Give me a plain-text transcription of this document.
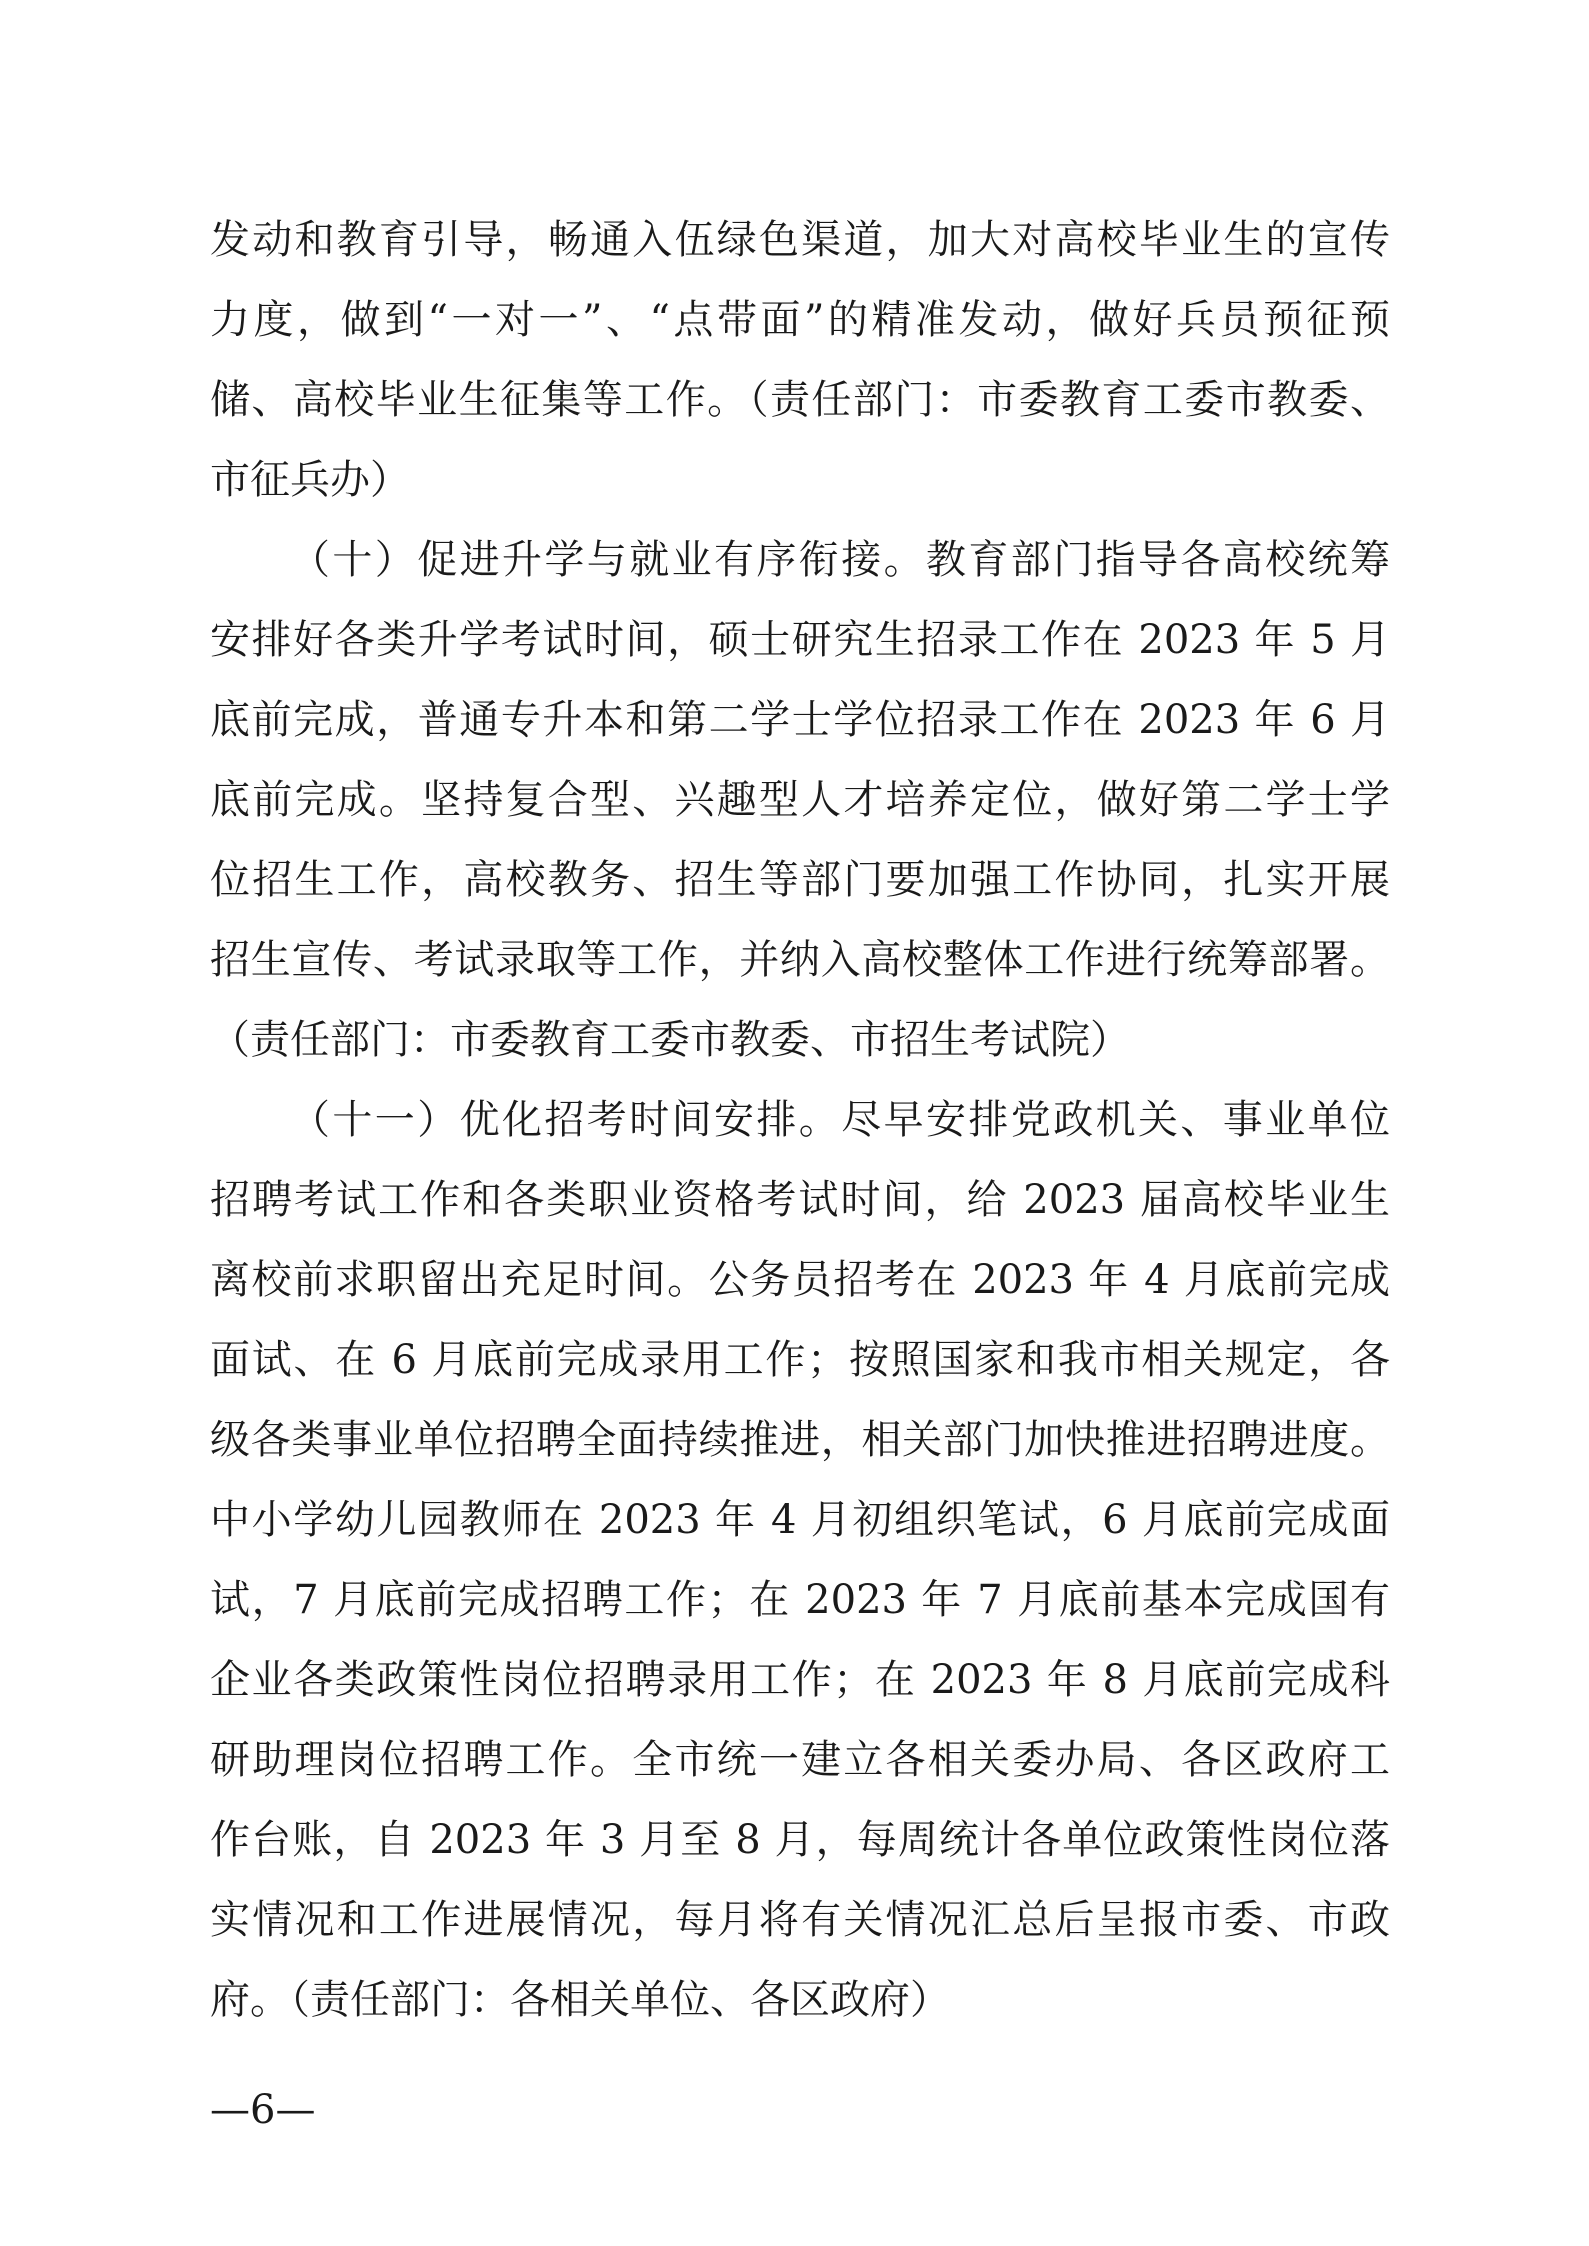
发动和教育引导，畅通入伍绿色渠道，加大对高校毕业生的宣传
力度，做到“一对一”、“点带面”的精准发动，做好兵员预征预
储、高校毕业生征集等工作。（责任部门：市委教育工委市教委、
市征兵办）
（十）促进升学与就业有序衔接。教育部门指导各高校统筹
安排好各类升学考试时间，硕士研究生招录工作在 2023 年 5 月
底前完成，普通专升本和第二学士学位招录工作在 2023 年 6 月
底前完成。坚持复合型、兴趣型人才培养定位，做好第二学士学
位招生工作，高校教务、招生等部门要加强工作协同，扎实开展
招生宣传、考试录取等工作，并纳入高校整体工作进行统筹部署。
（责任部门：市委教育工委市教委、市招生考试院）
（十一）优化招考时间安排。尽早安排党政机关、事业单位
招聘考试工作和各类职业资格考试时间，给 2023 届高校毕业生
离校前求职留出充足时间。公务员招考在 2023 年 4 月底前完成
面试、在 6 月底前完成录用工作；按照国家和我市相关规定，各
级各类事业单位招聘全面持续推进，相关部门加快推进招聘进度。
中小学幼儿园教师在 2023 年 4 月初组织笔试，6 月底前完成面
试，7 月底前完成招聘工作；在 2023 年 7 月底前基本完成国有
企业各类政策性岗位招聘录用工作；在 2023 年 8 月底前完成科
研助理岗位招聘工作。全市统一建立各相关委办局、各区政府工
作台账，自 2023 年 3 月至 8 月，每周统计各单位政策性岗位落
实情况和工作进展情况，每月将有关情况汇总后呈报市委、市政
府。（责任部门：各相关单位、各区政府）
—6—
